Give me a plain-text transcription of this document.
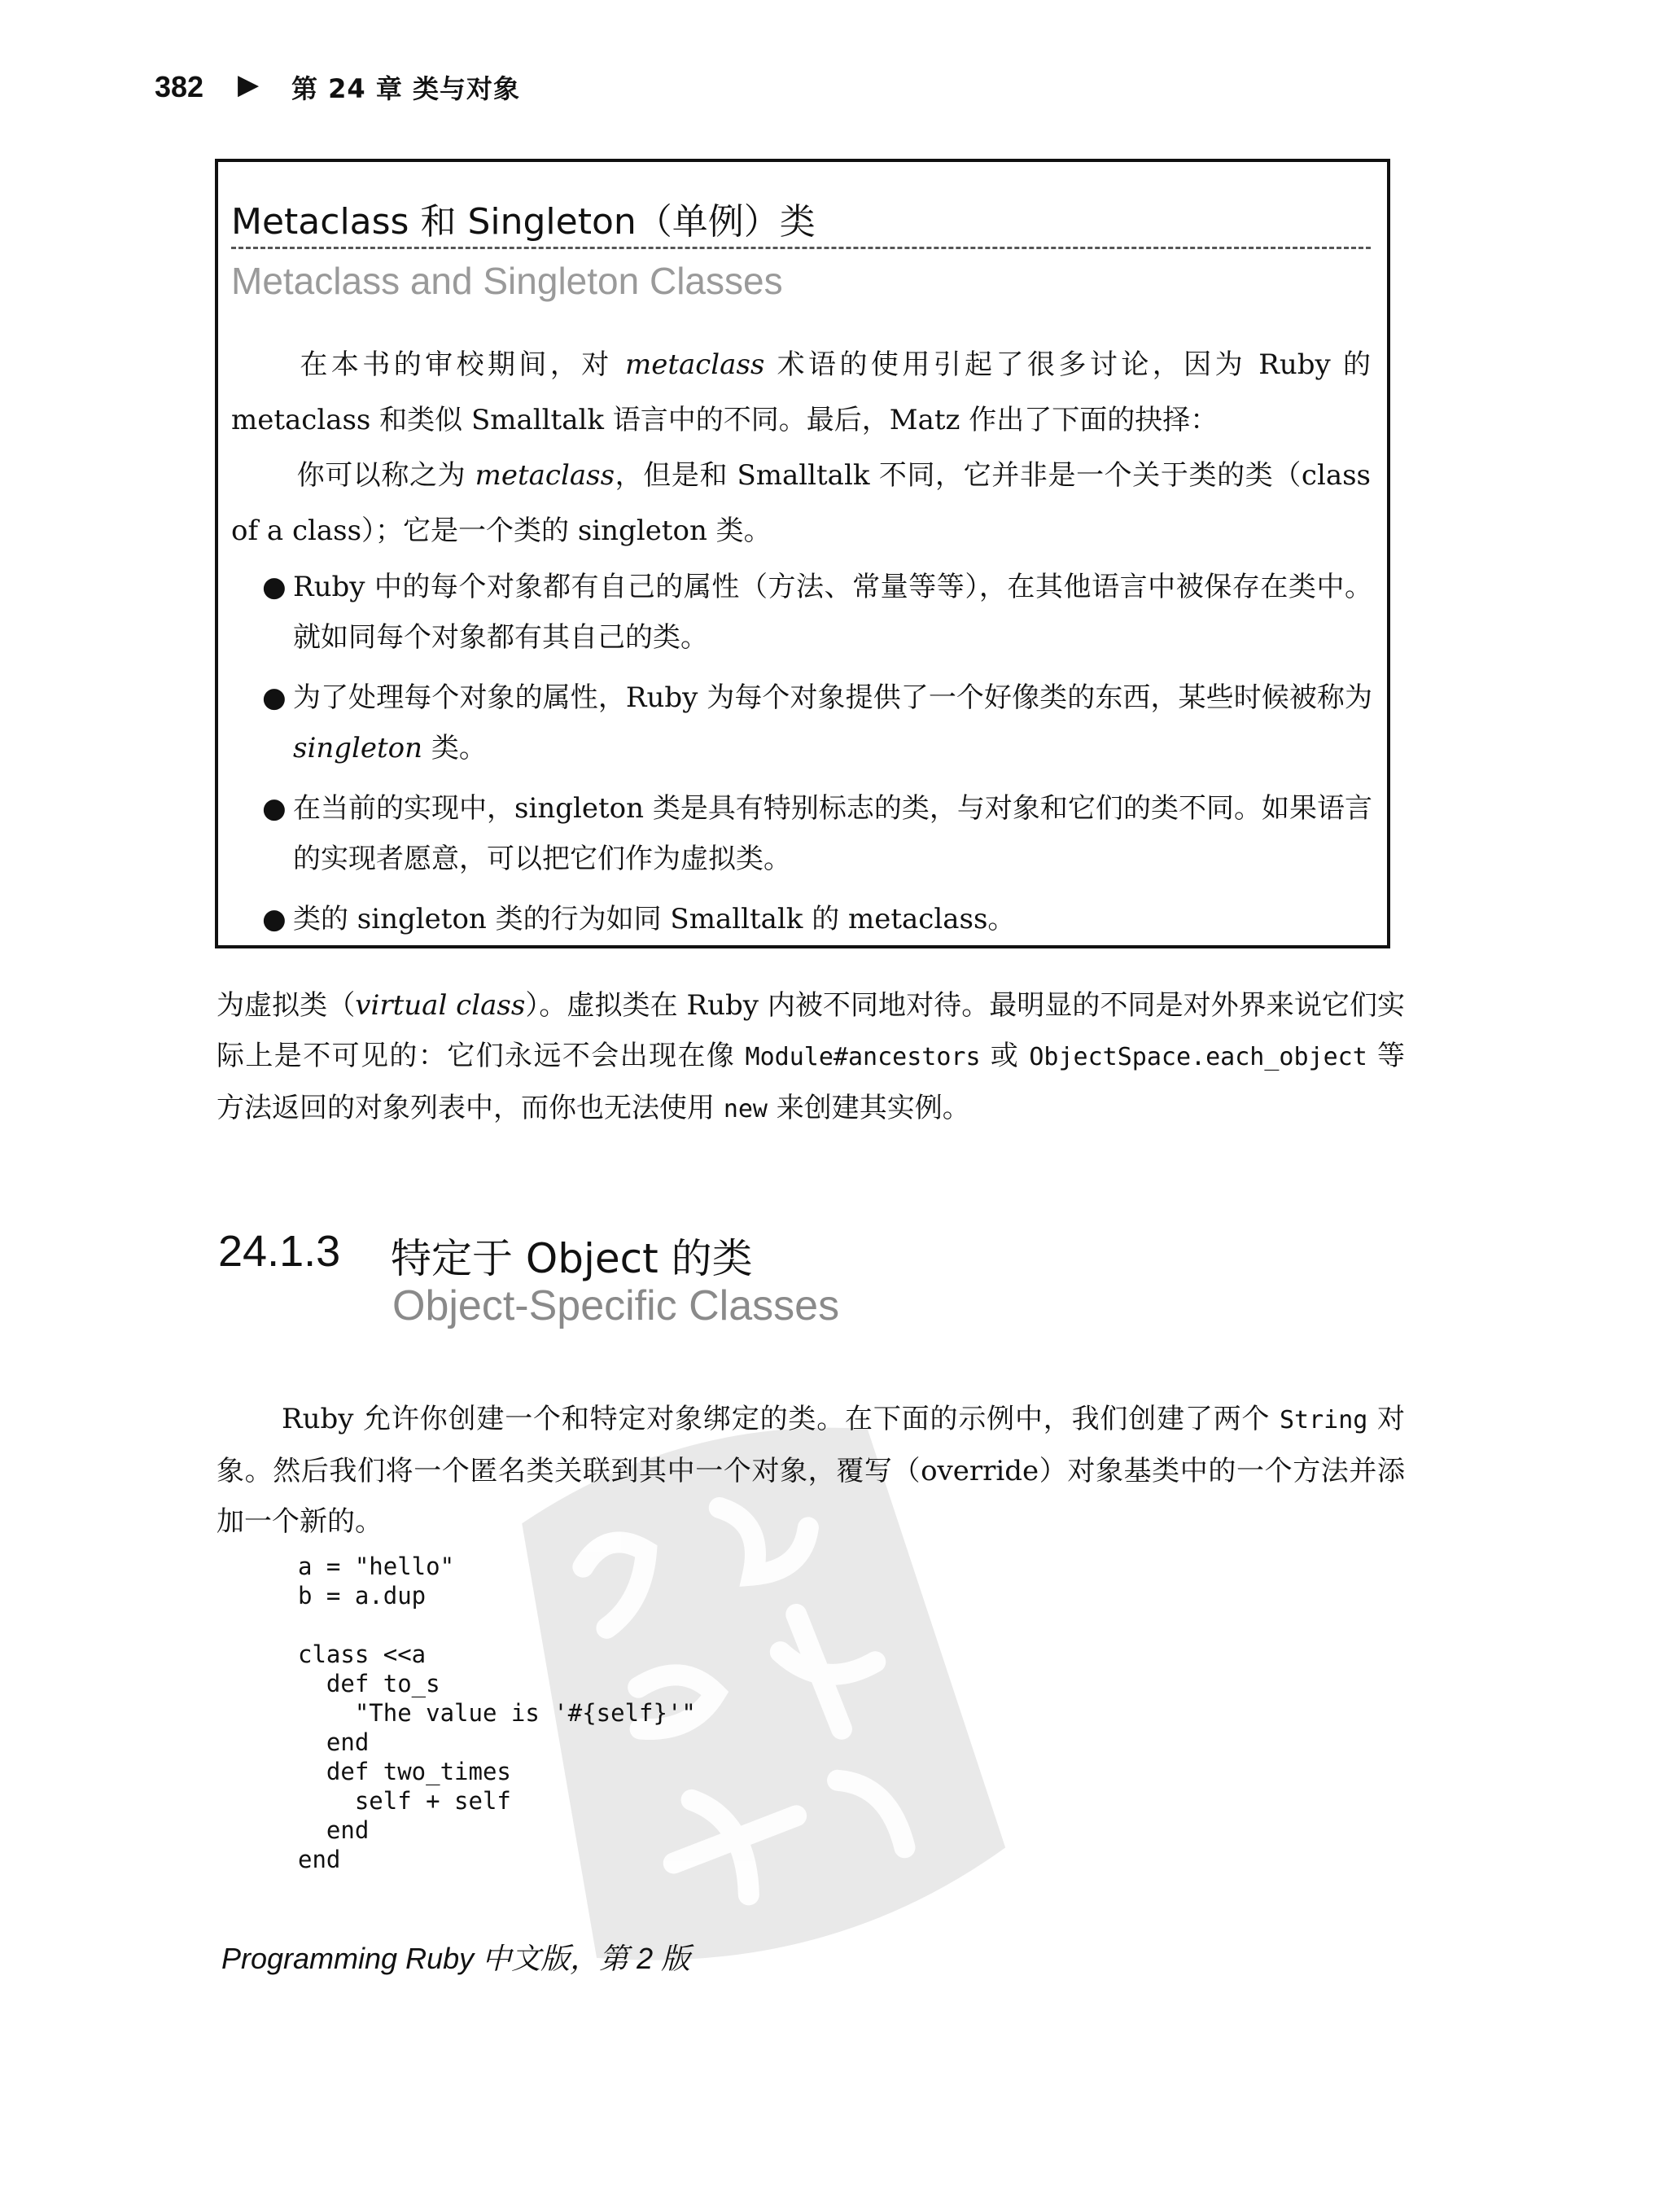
382 ▶ 第 24 章 类与对象
Metaclass 和 Singleton（单例）类
Metaclass and Singleton Classes
在本书的审校期间，对 metaclass 术语的使用引起了很多讨论，因为 Ruby 的 metaclass 和类似 Smalltalk 语言中的不同。最后，Matz 作出了下面的抉择：
你可以称之为 metaclass，但是和 Smalltalk 不同，它并非是一个关于类的类（class of a class）；它是一个类的 singleton 类。
● Ruby 中的每个对象都有自己的属性（方法、常量等等），在其他语言中被保存在类中。就如同每个对象都有其自己的类。
● 为了处理每个对象的属性，Ruby 为每个对象提供了一个好像类的东西，某些时候被称为 singleton 类。
● 在当前的实现中，singleton 类是具有特别标志的类，与对象和它们的类不同。如果语言的实现者愿意，可以把它们作为虚拟类。
● 类的 singleton 类的行为如同 Smalltalk 的 metaclass。
为虚拟类（virtual class）。虚拟类在 Ruby 内被不同地对待。最明显的不同是对外界来说它们实际上是不可见的：它们永远不会出现在像 Module#ancestors 或 ObjectSpace.each_object 等方法返回的对象列表中，而你也无法使用 new 来创建其实例。
24.1.3 特定于 Object 的类
Object-Specific Classes
Ruby 允许你创建一个和特定对象绑定的类。在下面的示例中，我们创建了两个 String 对象。然后我们将一个匿名类关联到其中一个对象，覆写（override）对象基类中的一个方法并添加一个新的。
a = "hello"
b = a.dup

class <<a
def to_s
"The value is '#{self}'"
end
def two_times
self + self
end
end
Programming Ruby 中文版，第 2 版
